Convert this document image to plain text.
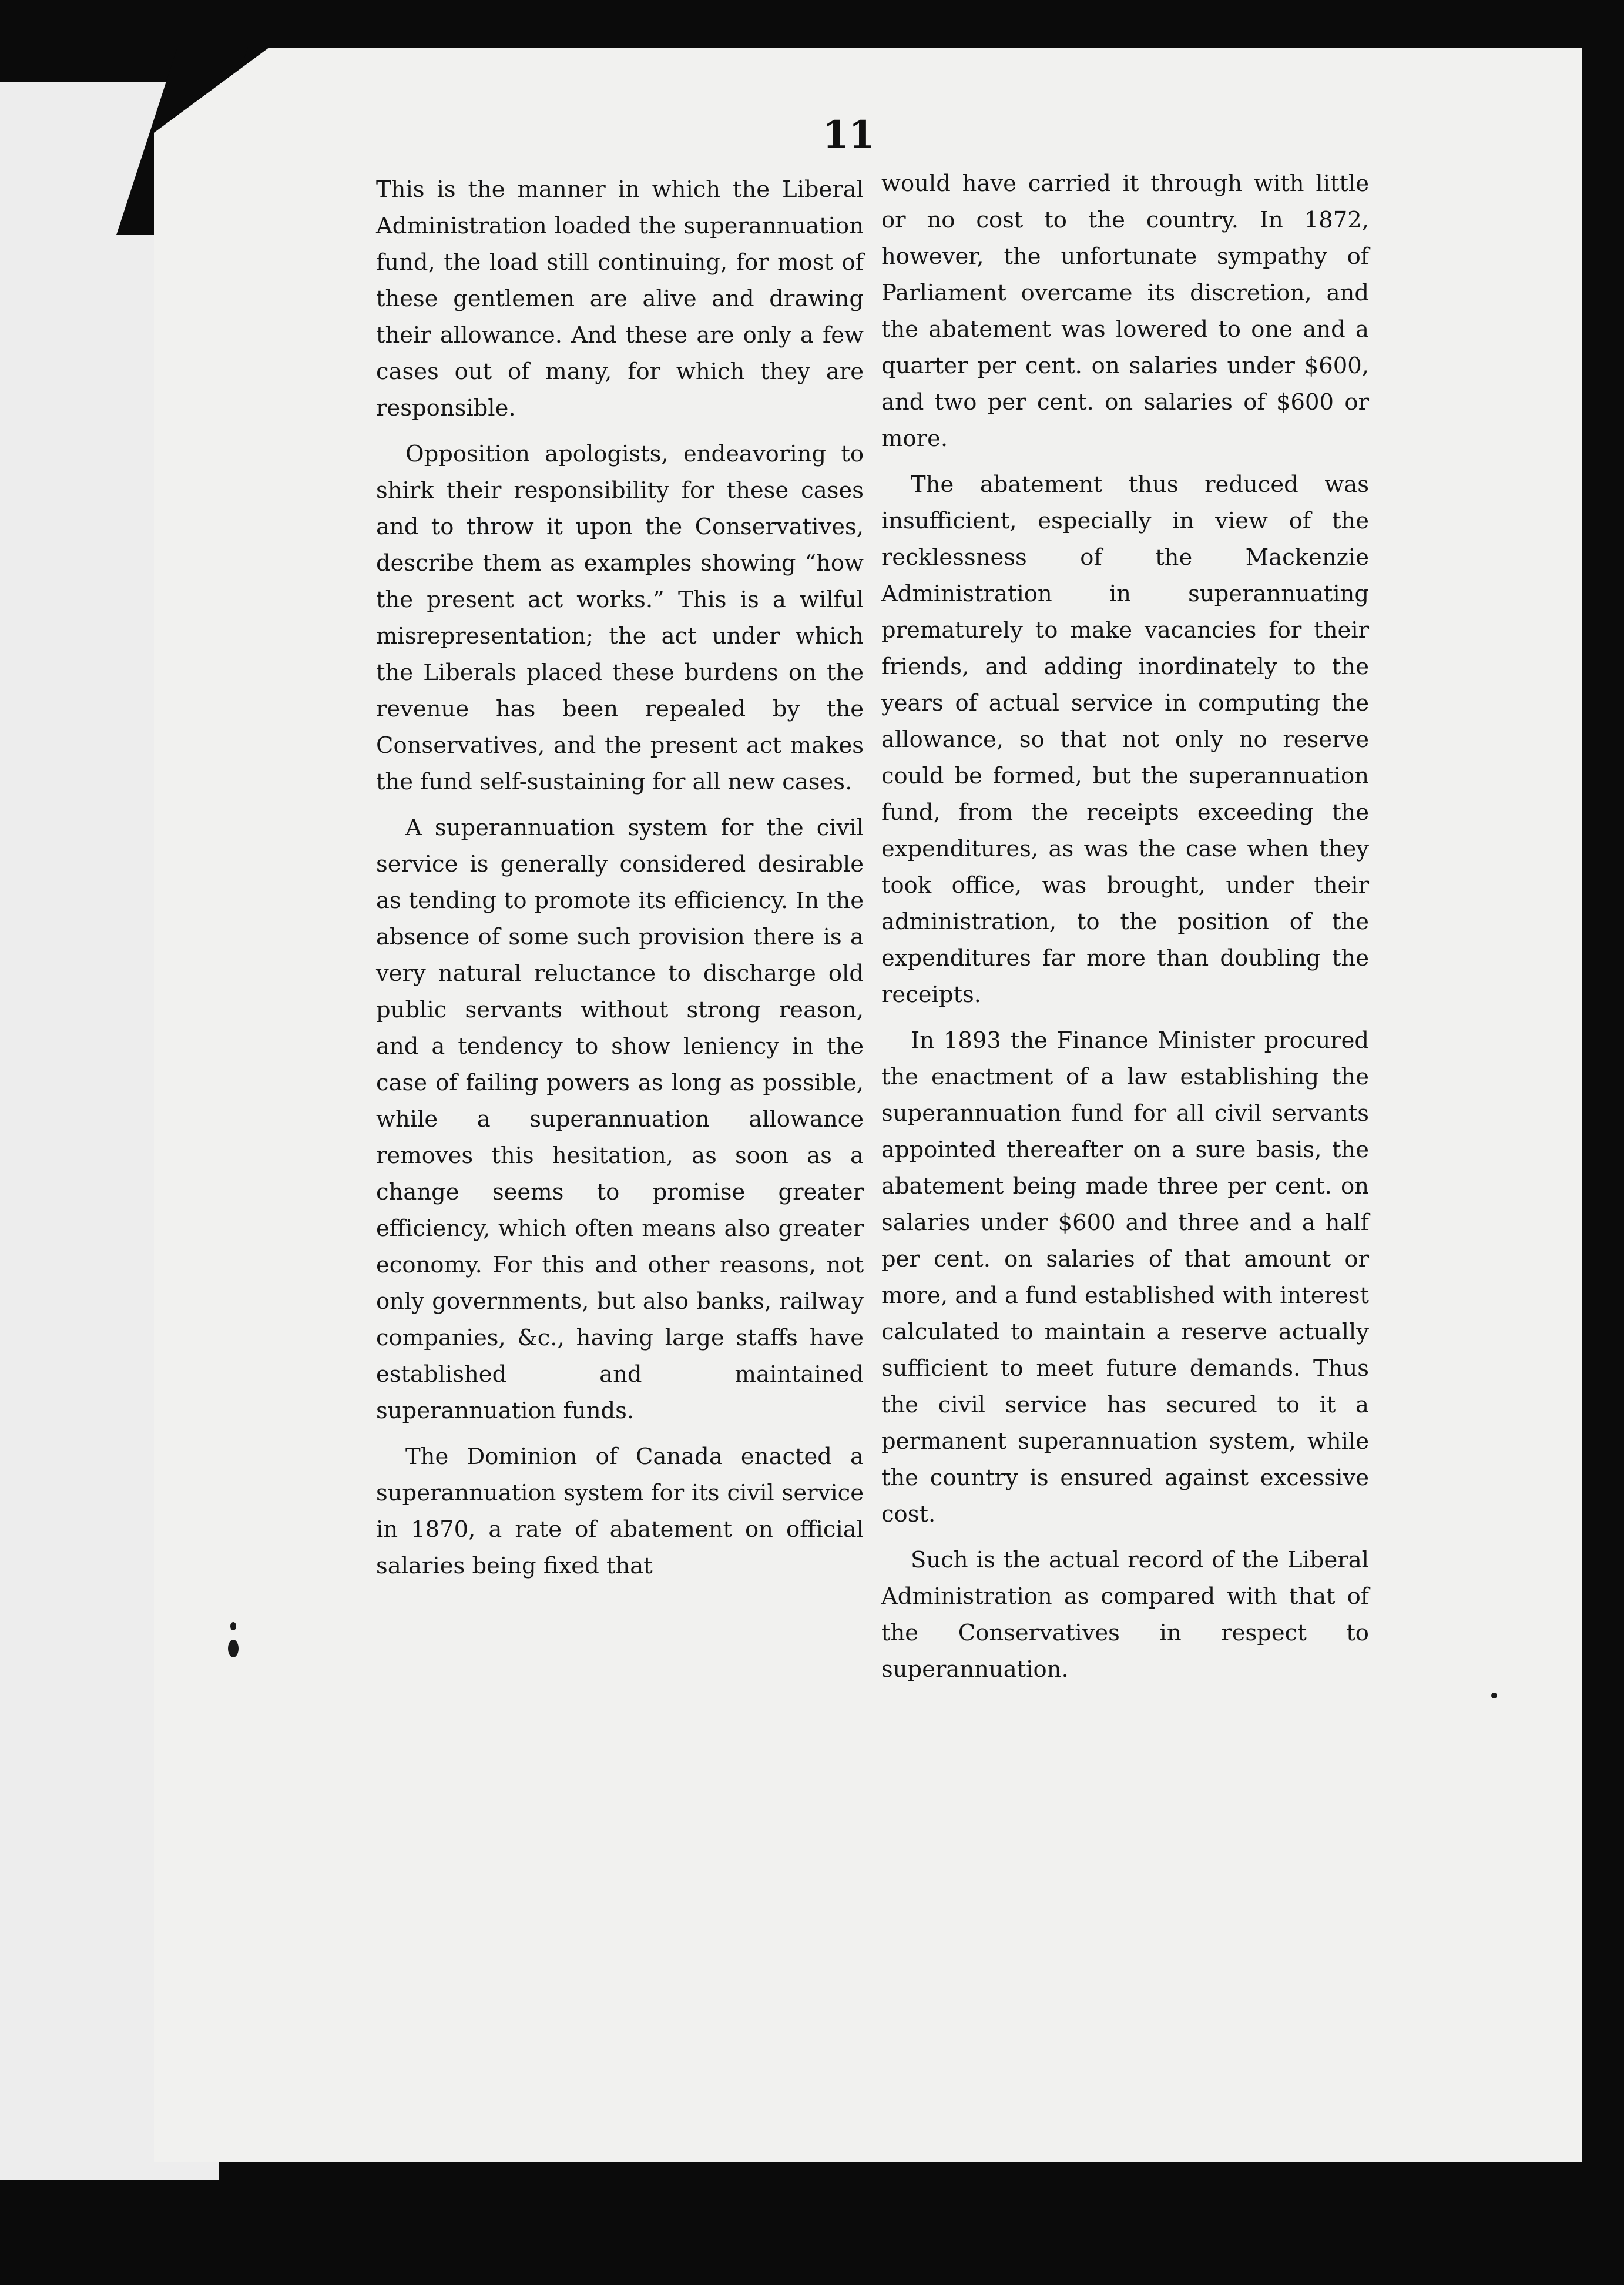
11

This is the manner in which the Liberal Administration loaded the superannuation fund, the load still continuing, for most of these gentlemen are alive and drawing their allowance. And these are only a few cases out of many, for which they are responsible.

Opposition apologists, endeavoring to shirk their responsibility for these cases and to throw it upon the Conservatives, describe them as examples showing “how the present act works.” This is a wilful misrepresentation; the act under which the Liberals placed these burdens on the revenue has been repealed by the Conservatives, and the present act makes the fund self-sustaining for all new cases.

A superannuation system for the civil service is generally considered desirable as tending to promote its efficiency. In the absence of some such provision there is a very natural reluctance to discharge old public servants without strong reason, and a tendency to show leniency in the case of failing powers as long as possible, while a superannuation allowance removes this hesitation, as soon as a change seems to promise greater efficiency, which often means also greater economy. For this and other reasons, not only governments, but also banks, railway companies, &c., having large staffs have established and maintained superannuation funds.

The Dominion of Canada enacted a superannuation system for its civil service in 1870, a rate of abatement on official salaries being fixed that

would have carried it through with little or no cost to the country. In 1872, however, the unfortunate sympathy of Parliament overcame its discretion, and the abatement was lowered to one and a quarter per cent. on salaries under $600, and two per cent. on salaries of $600 or more.

The abatement thus reduced was insufficient, especially in view of the recklessness of the Mackenzie Administration in superannuating prematurely to make vacancies for their friends, and adding inordinately to the years of actual service in computing the allowance, so that not only no reserve could be formed, but the superannuation fund, from the receipts exceeding the expenditures, as was the case when they took office, was brought, under their administration, to the position of the expenditures far more than doubling the receipts.

In 1893 the Finance Minister procured the enactment of a law establishing the superannuation fund for all civil servants appointed thereafter on a sure basis, the abatement being made three per cent. on salaries under $600 and three and a half per cent. on salaries of that amount or more, and a fund established with interest calculated to maintain a reserve actually sufficient to meet future demands. Thus the civil service has secured to it a permanent superannuation system, while the country is ensured against excessive cost.

Such is the actual record of the Liberal Administration as compared with that of the Conservatives in respect to superannuation.
